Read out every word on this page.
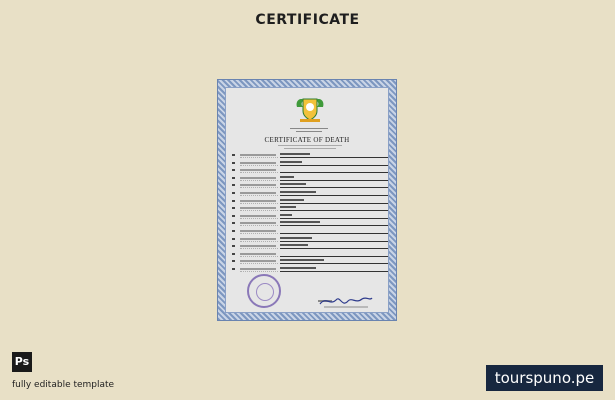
CERTIFICATE
CERTIFICATE OF DEATH
Ps
fully editable template	tourspuno.pe
